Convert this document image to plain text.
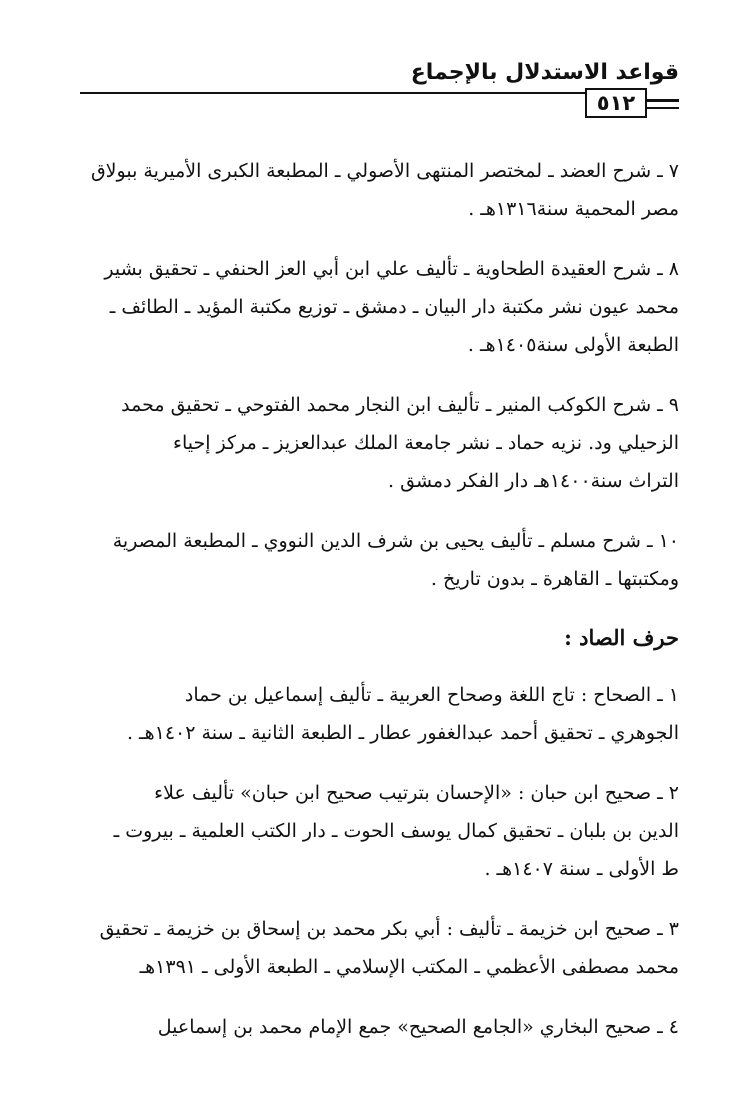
قواعد الاستدلال بالإجماع
٥١٢

٧ ـ شرح العضد ـ لمختصر المنتهى الأصولي ـ المطبعة الكبرى الأميرية ببولاق

مصر المحمية سنة١٣١٦هـ .

٨ ـ شرح العقيدة الطحاوية ـ تأليف علي ابن أبي العز الحنفي ـ تحقيق بشير

محمد عيون نشر مكتبة دار البيان ـ دمشق ـ توزيع مكتبة المؤيد ـ الطائف ـ

الطبعة الأولى سنة١٤٠٥هـ .

٩ ـ شرح الكوكب المنير ـ تأليف ابن النجار محمد الفتوحي ـ تحقيق محمد

الزحيلي ود. نزيه حماد ـ نشر جامعة الملك عبدالعزيز ـ مركز إحياء

التراث سنة١٤٠٠هـ دار الفكر دمشق .

١٠ ـ شرح مسلم ـ تأليف يحيى بن شرف الدين النووي ـ المطبعة المصرية

ومكتبتها ـ القاهرة ـ بدون تاريخ .

حرف الصاد :

١ ـ الصحاح : تاج اللغة وصحاح العربية ـ تأليف إسماعيل بن حماد

الجوهري ـ تحقيق أحمد عبدالغفور عطار ـ الطبعة الثانية ـ سنة ١٤٠٢هـ .

٢ ـ صحيح ابن حبان : «الإحسان بترتيب صحيح ابن حبان» تأليف علاء

الدين بن بلبان ـ تحقيق كمال يوسف الحوت ـ دار الكتب العلمية ـ بيروت ـ

ط الأولى ـ سنة ١٤٠٧هـ .

٣ ـ صحيح ابن خزيمة ـ تأليف : أبي بكر محمد بن إسحاق بن خزيمة ـ تحقيق

محمد مصطفى الأعظمي ـ المكتب الإسلامي ـ الطبعة الأولى ـ ١٣٩١هـ

٤ ـ صحيح البخاري «الجامع الصحيح» جمع الإمام محمد بن إسماعيل
